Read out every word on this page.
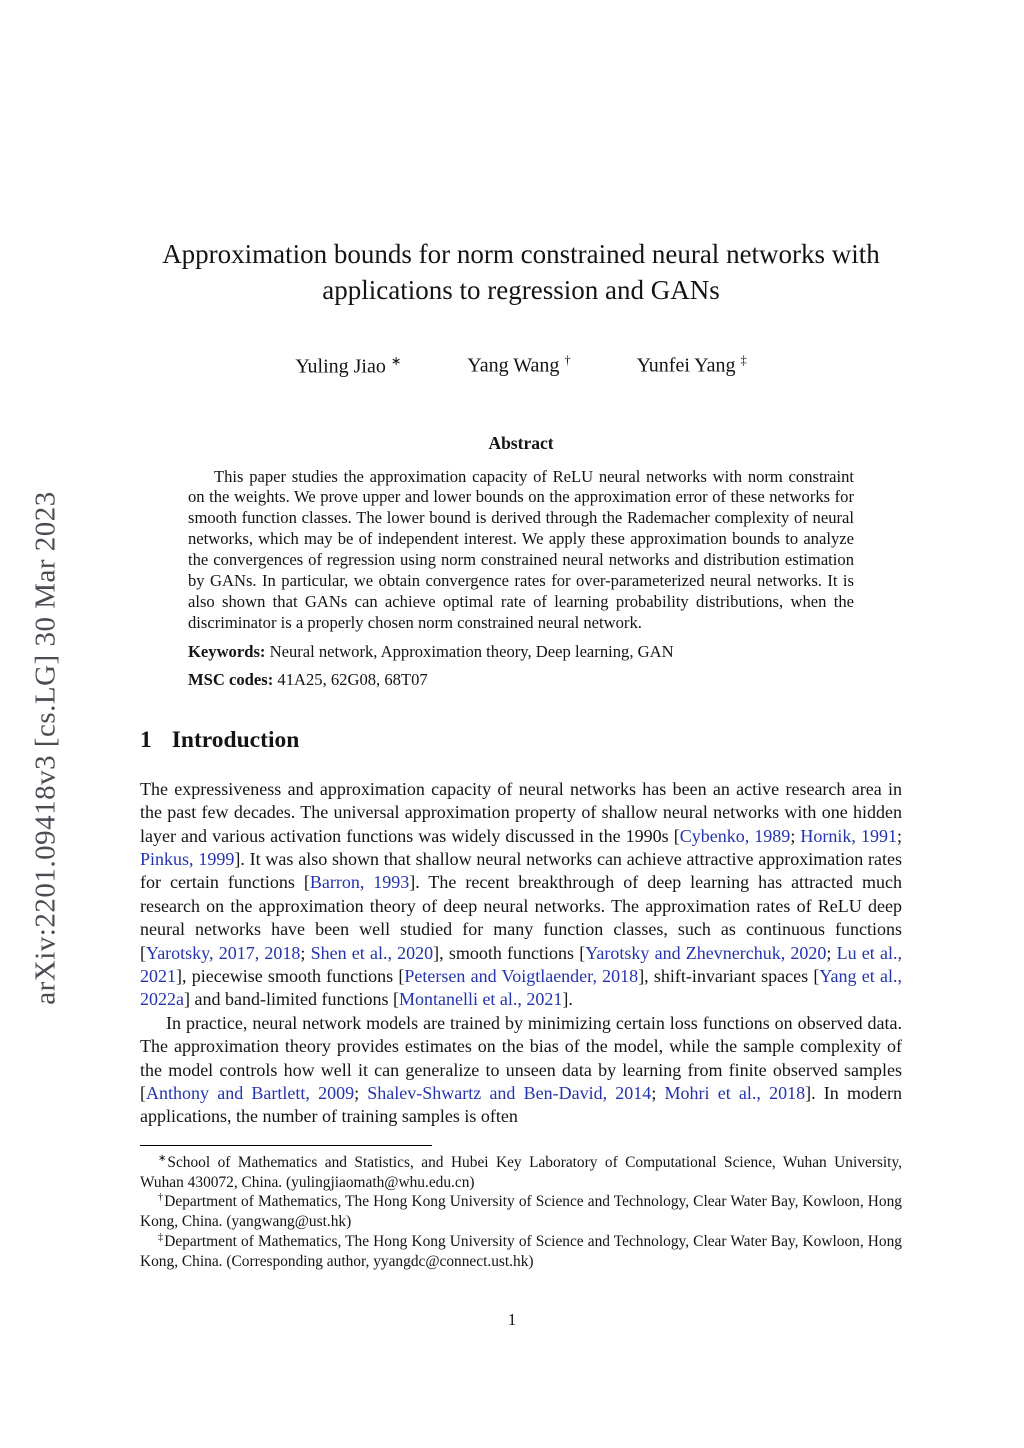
arXiv:2201.09418v3 [cs.LG] 30 Mar 2023
Approximation bounds for norm constrained neural networks with applications to regression and GANs
Yuling Jiao ∗	Yang Wang †	Yunfei Yang ‡
Abstract

This paper studies the approximation capacity of ReLU neural networks with norm constraint on the weights. We prove upper and lower bounds on the approximation error of these networks for smooth function classes. The lower bound is derived through the Rademacher complexity of neural networks, which may be of independent interest. We apply these approximation bounds to analyze the convergences of regression using norm constrained neural networks and distribution estimation by GANs. In particular, we obtain convergence rates for over-parameterized neural networks. It is also shown that GANs can achieve optimal rate of learning probability distributions, when the discriminator is a properly chosen norm constrained neural network.

Keywords: Neural network, Approximation theory, Deep learning, GAN

MSC codes: 41A25, 62G08, 68T07

1 Introduction

The expressiveness and approximation capacity of neural networks has been an active research area in the past few decades. The universal approximation property of shallow neural networks with one hidden layer and various activation functions was widely discussed in the 1990s [Cybenko, 1989; Hornik, 1991; Pinkus, 1999]. It was also shown that shallow neural networks can achieve attractive approximation rates for certain functions [Barron, 1993]. The recent breakthrough of deep learning has attracted much research on the approximation theory of deep neural networks. The approximation rates of ReLU deep neural networks have been well studied for many function classes, such as continuous functions [Yarotsky, 2017, 2018; Shen et al., 2020], smooth functions [Yarotsky and Zhevnerchuk, 2020; Lu et al., 2021], piecewise smooth functions [Petersen and Voigtlaender, 2018], shift-invariant spaces [Yang et al., 2022a] and band-limited functions [Montanelli et al., 2021].

In practice, neural network models are trained by minimizing certain loss functions on observed data. The approximation theory provides estimates on the bias of the model, while the sample complexity of the model controls how well it can generalize to unseen data by learning from finite observed samples [Anthony and Bartlett, 2009; Shalev-Shwartz and Ben-David, 2014; Mohri et al., 2018]. In modern applications, the number of training samples is often

∗School of Mathematics and Statistics, and Hubei Key Laboratory of Computational Science, Wuhan University, Wuhan 430072, China. (yulingjiaomath@whu.edu.cn)

†Department of Mathematics, The Hong Kong University of Science and Technology, Clear Water Bay, Kowloon, Hong Kong, China. (yangwang@ust.hk)

‡Department of Mathematics, The Hong Kong University of Science and Technology, Clear Water Bay, Kowloon, Hong Kong, China. (Corresponding author, yyangdc@connect.ust.hk)

1
